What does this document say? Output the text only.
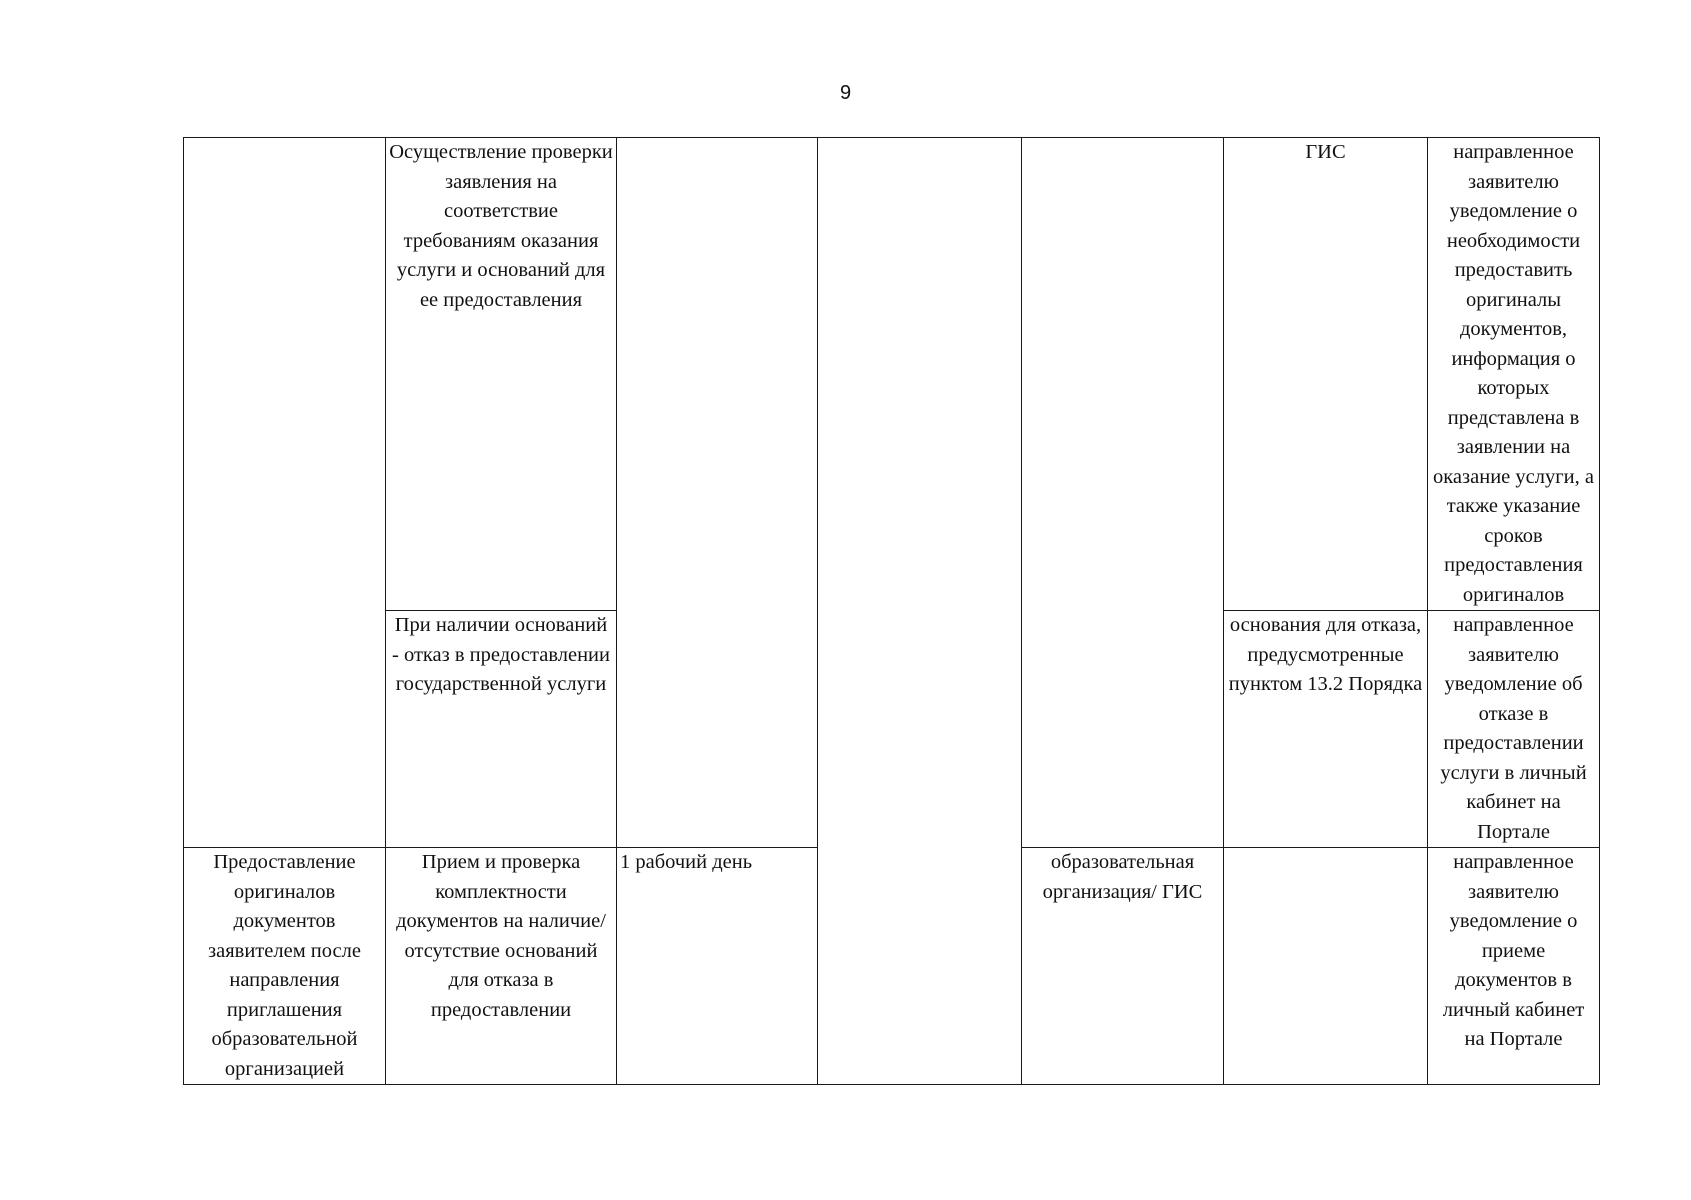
9

	Осуществление проверки заявления на соответствие требованиям оказания услуги и оснований для ее предоставления				ГИС	направленное заявителю уведомление о необходимости предоставить оригиналы документов, информация о которых представлена в заявлении на оказание услуги, а также указание сроков предоставления оригиналов

	При наличии оснований - отказ в предоставлении государственной услуги				основания для отказа, предусмотренные пунктом 13.2 Порядка	направленное заявителю уведомление об отказе в предоставлении услуги в личный кабинет на Портале

Предоставление оригиналов документов заявителем после направления приглашения образовательной организацией	Прием и проверка комплектности документов на наличие/отсутствие оснований для отказа в предоставлении	1 рабочий день		образовательная организация/ ГИС		направленное заявителю уведомление о приеме документов в личный кабинет на Портале
